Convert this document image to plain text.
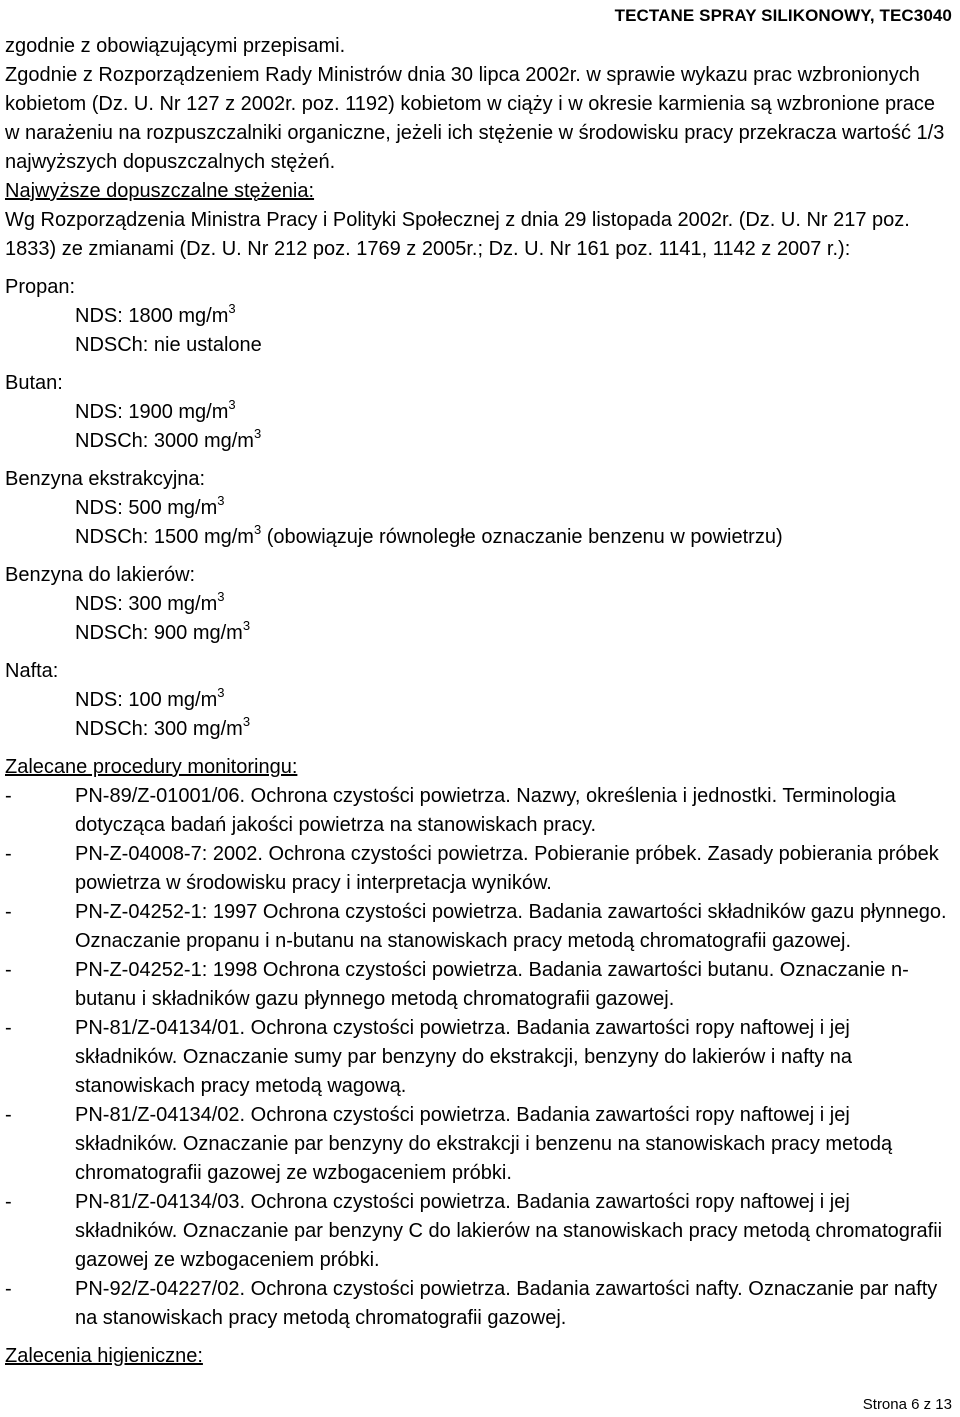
TECTANE SPRAY SILIKONOWY, TEC3040

zgodnie z obowiązującymi przepisami.

Zgodnie z Rozporządzeniem Rady Ministrów dnia 30 lipca 2002r. w sprawie wykazu prac wzbronionych kobietom (Dz. U. Nr 127 z 2002r. poz. 1192) kobietom w ciąży i w okresie karmienia są wzbronione prace w narażeniu na rozpuszczalniki organiczne, jeżeli ich stężenie w środowisku pracy przekracza wartość 1/3 najwyższych dopuszczalnych stężeń.

Najwyższe dopuszczalne stężenia:

Wg Rozporządzenia Ministra Pracy i Polityki Społecznej z dnia 29 listopada 2002r. (Dz. U. Nr 217 poz. 1833) ze zmianami (Dz. U. Nr 212 poz. 1769 z 2005r.; Dz. U. Nr 161 poz. 1141, 1142 z 2007 r.):

Propan:
NDS: 1800 $mg/m^3$
NDSCh: nie ustalone
Butan:
NDS: 1900 $mg/m^3$
NDSCh: 3000 $mg/m^3$
Benzyna ekstrakcyjna:
NDS: 500 $mg/m^3$
NDSCh: 1500 $mg/m^3$ (obowiązuje równoległe oznaczanie benzenu w powietrzu)
Benzyna do lakierów:
NDS: 300 $mg/m^3$
NDSCh: 900 $mg/m^3$
Nafta:
NDS: 100 $mg/m^3$
NDSCh: 300 $mg/m^3$

Zalecane procedury monitoringu:

-	PN-89/Z-01001/06. Ochrona czystości powietrza. Nazwy, określenia i jednostki. Terminologia dotycząca badań jakości powietrza na stanowiskach pracy.
-	PN-Z-04008-7: 2002. Ochrona czystości powietrza. Pobieranie próbek. Zasady pobierania próbek powietrza w środowisku pracy i interpretacja wyników.
-	PN-Z-04252-1: 1997 Ochrona czystości powietrza. Badania zawartości składników gazu płynnego. Oznaczanie propanu i n-butanu na stanowiskach pracy metodą chromatografii gazowej.
-	PN-Z-04252-1: 1998 Ochrona czystości powietrza. Badania zawartości butanu. Oznaczanie n-butanu i składników gazu płynnego metodą chromatografii gazowej.
-	PN-81/Z-04134/01. Ochrona czystości powietrza. Badania zawartości ropy naftowej i jej składników. Oznaczanie sumy par benzyny do ekstrakcji, benzyny do lakierów i nafty na stanowiskach pracy metodą wagową.
-	PN-81/Z-04134/02. Ochrona czystości powietrza. Badania zawartości ropy naftowej i jej składników. Oznaczanie par benzyny do ekstrakcji i benzenu na stanowiskach pracy metodą chromatografii gazowej ze wzbogaceniem próbki.
-	PN-81/Z-04134/03. Ochrona czystości powietrza. Badania zawartości ropy naftowej i jej składników. Oznaczanie par benzyny C do lakierów na stanowiskach pracy metodą chromatografii gazowej ze wzbogaceniem próbki.
-	PN-92/Z-04227/02. Ochrona czystości powietrza. Badania zawartości nafty. Oznaczanie par nafty na stanowiskach pracy metodą chromatografii gazowej.

Zalecenia higieniczne:

Strona 6 z 13
